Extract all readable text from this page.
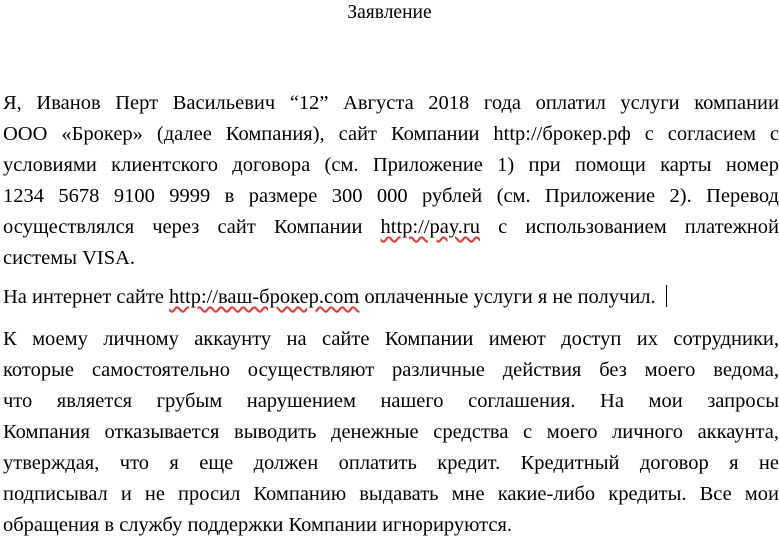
Заявление
Я, Иванов Перт Васильевич “12” Августа 2018 года оплатил услуги компании
ООО «Брокер» (далее Компания), сайт Компании http://брокер.рф с согласием с
условиями клиентского договора (см. Приложение 1) при помощи карты номер
1234 5678 9100 9999 в размере 300 000 рублей (см. Приложение 2). Перевод
осуществлялся через сайт Компании http://pay.ru с использованием платежной
системы VISA.
На интернет сайте http://ваш-брокер.com оплаченные услуги я не получил.
К моему личному аккаунту на сайте Компании имеют доступ их сотрудники,
которые самостоятельно осуществляют различные действия без моего ведома,
что является грубым нарушением нашего соглашения. На мои запросы
Компания отказывается выводить денежные средства с моего личного аккаунта,
утверждая, что я еще должен оплатить кредит. Кредитный договор я не
подписывал и не просил Компанию выдавать мне какие-либо кредиты. Все мои
обращения в службу поддержки Компании игнорируются.
